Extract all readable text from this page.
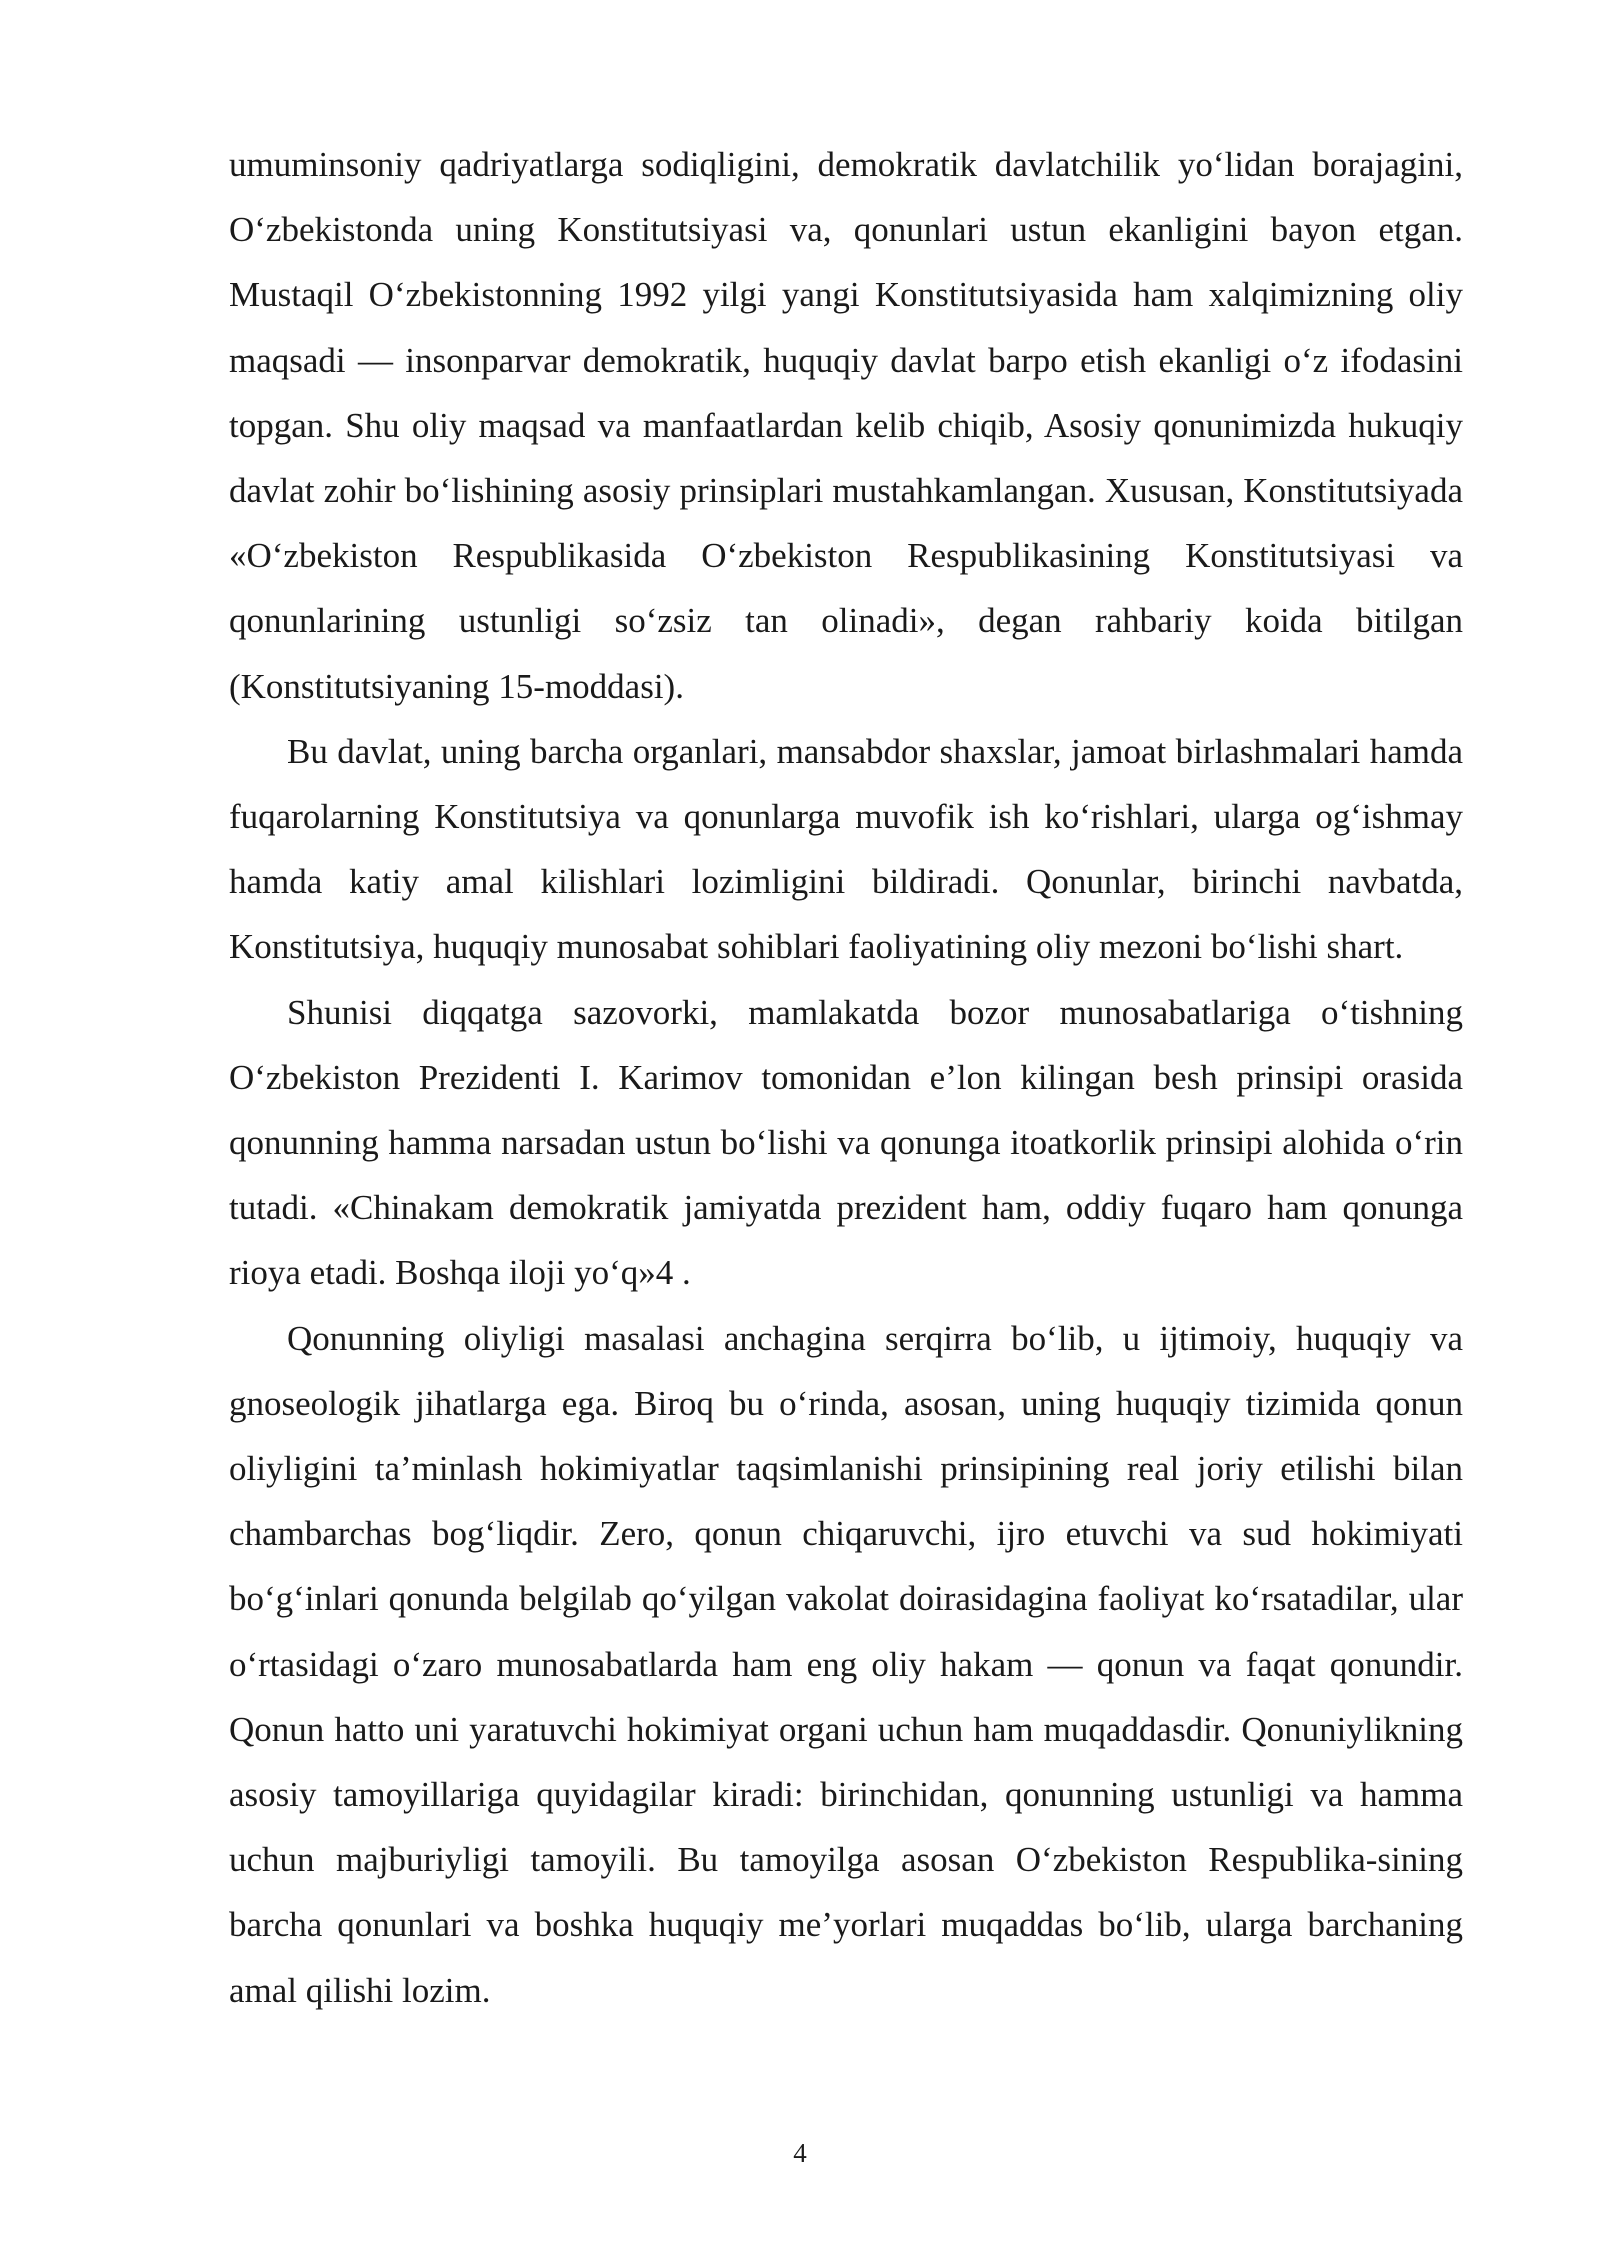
umuminsoniy qadriyatlarga sodiqligini, demokratik davlatchilik yo‘lidan borajagini, O‘zbekistonda uning Konstitutsiyasi va, qonunlari ustun ekanligini bayon etgan. Mustaqil O‘zbekistonning 1992 yilgi yangi Konstitutsiyasida ham xalqimizning oliy maqsadi — insonparvar demokratik, huquqiy davlat barpo etish ekanligi o‘z ifodasini topgan. Shu oliy maqsad va manfaatlardan kelib chiqib, Asosiy qonunimizda hukuqiy davlat zohir bo‘lishining asosiy prinsiplari mustahkamlangan. Xususan, Konstitutsiyada «O‘zbekiston Respublikasida O‘zbekiston Respublikasining Konstitutsiyasi va qonunlarining ustunligi so‘zsiz tan olinadi», degan rahbariy koida bitilgan (Konstitutsiyaning 15-moddasi).

Bu davlat, uning barcha organlari, mansabdor shaxslar, jamoat birlashmalari hamda fuqarolarning Konstitutsiya va qonunlarga muvofik ish ko‘rishlari, ularga og‘ishmay hamda katiy amal kilishlari lozimligini bildiradi. Qonunlar, birinchi navbatda, Konstitutsiya, huquqiy munosabat sohiblari faoliyatining oliy mezoni bo‘lishi shart.

Shunisi diqqatga sazovorki, mamlakatda bozor munosabatlariga o‘tishning O‘zbekiston Prezidenti I. Karimov tomonidan e’lon kilingan besh prinsipi orasida qonunning hamma narsadan ustun bo‘lishi va qonunga itoatkorlik prinsipi alohida o‘rin tutadi. «Chinakam demokratik jamiyatda prezident ham, oddiy fuqaro ham qonunga rioya etadi. Boshqa iloji yo‘q»4 .

Qonunning oliyligi masalasi anchagina serqirra bo‘lib, u ijtimoiy, huquqiy va gnoseologik jihatlarga ega. Biroq bu o‘rinda, asosan, uning huquqiy tizimida qonun oliyligini ta’minlash hokimiyatlar taqsimlanishi prinsipining real joriy etilishi bilan chambarchas bog‘liqdir. Zero, qonun chiqaruvchi, ijro etuvchi va sud hokimiyati bo‘g‘inlari qonunda belgilab qo‘yilgan vakolat doirasidagina faoliyat ko‘rsatadilar, ular o‘rtasidagi o‘zaro munosabatlarda ham eng oliy hakam — qonun va faqat qonundir. Qonun hatto uni yaratuvchi hokimiyat organi uchun ham muqaddasdir. Qonuniylikning asosiy tamoyillariga quyidagilar kiradi: birinchidan, qonunning ustunligi va hamma uchun majburiyligi tamoyili. Bu tamoyilga asosan O‘zbekiston Respublika-sining barcha qonunlari va boshka huquqiy me’yorlari muqaddas bo‘lib, ularga barchaning amal qilishi lozim.

4
